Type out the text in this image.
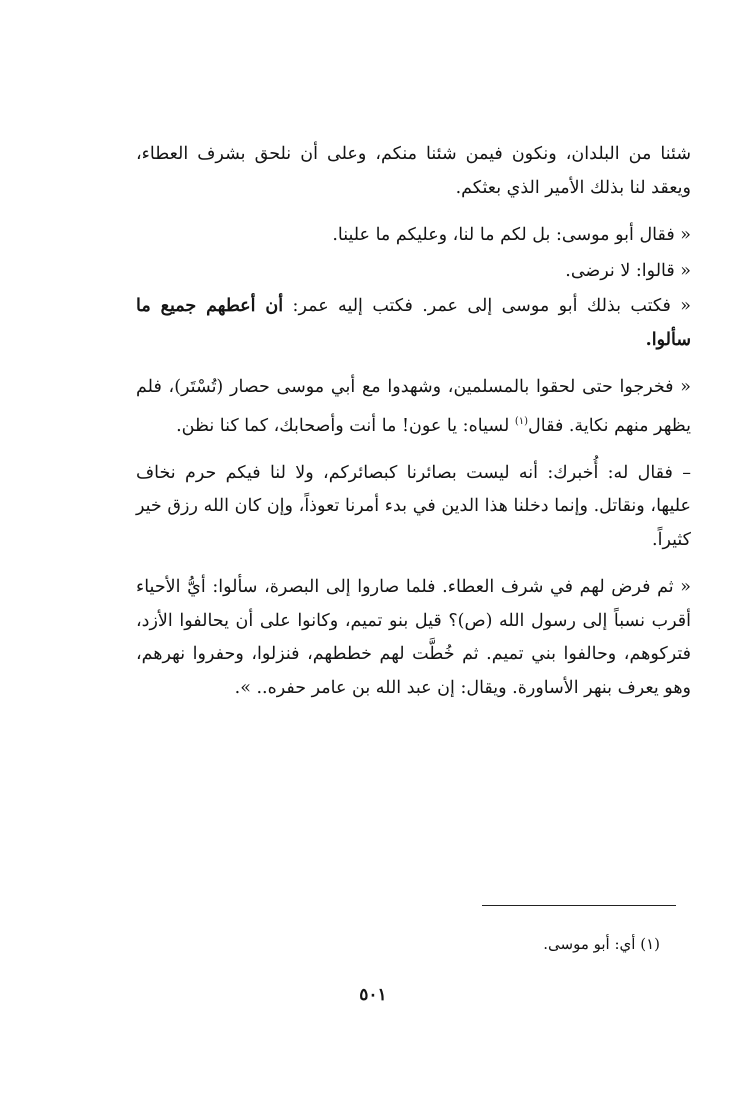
شئنا من البلدان، ونكون فيمن شئنا منكم، وعلى أن نلحق بشرف العطاء، ويعقد لنا بذلك الأمير الذي بعثكم.

« فقال أبو موسى: بل لكم ما لنا، وعليكم ما علينا.

« قالوا: لا نرضى.

« فكتب بذلك أبو موسى إلى عمر. فكتب إليه عمر: أن أعطهم جميع ما سألوا.

« فخرجوا حتى لحقوا بالمسلمين، وشهدوا مع أبي موسى حصار (تُسْتَر)، فلم يظهر منهم نكاية. فقال$^{(١)}$ لسياه: يا عون! ما أنت وأصحابك، كما كنا نظن.

– فقال له: أُخبرك: أنه ليست بصائرنا كبصائركم، ولا لنا فيكم حرم نخاف عليها، ونقاتل. وإنما دخلنا هذا الدين في بدء أمرنا تعوذاً، وإن كان الله رزق خير كثيراً.

« ثم فرض لهم في شرف العطاء. فلما صاروا إلى البصرة، سألوا: أيُّ الأحياء أقرب نسباً إلى رسول الله (ص)؟ قيل بنو تميم، وكانوا على أن يحالفوا الأزد، فتركوهم، وحالفوا بني تميم. ثم خُطَّت لهم خططهم، فنزلوا، وحفروا نهرهم، وهو يعرف بنهر الأساورة. ويقال: إن عبد الله بن عامر حفره.. ».

(١) أي: أبو موسى.
٥٠١
